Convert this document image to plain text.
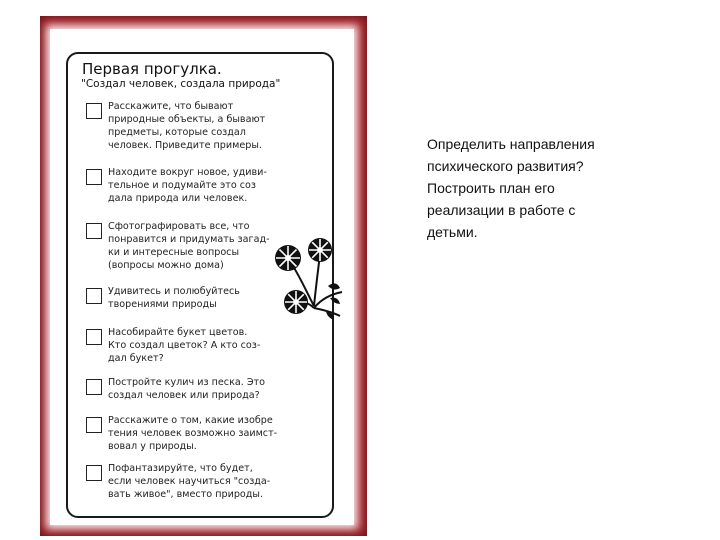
Первая прогулка.
"Создал человек, создала природа"
Расскажите, что бывают
природные объекты, а бывают
предметы, которые создал
человек. Приведите примеры.
Находите вокруг новое, удиви-
тельное и подумайте это соз
дала природа или человек.
Сфотографировать все, что
понравится и придумать загад-
ки и интересные вопросы
(вопросы можно дома)
Удивитесь и полюбуйтесь
творениями природы
Насобирайте букет цветов.
Кто создал цветок? А кто соз-
дал букет?
Постройте кулич из песка. Это
создал человек или природа?
Расскажите о том, какие изобре
тения человек возможно заимст-
вовал у природы.
Пофантазируйте, что будет,
если человек научиться "созда-
вать живое", вместо природы.
Определить направления
психического развития?
Построить план его
реализации в работе с
детьми.
